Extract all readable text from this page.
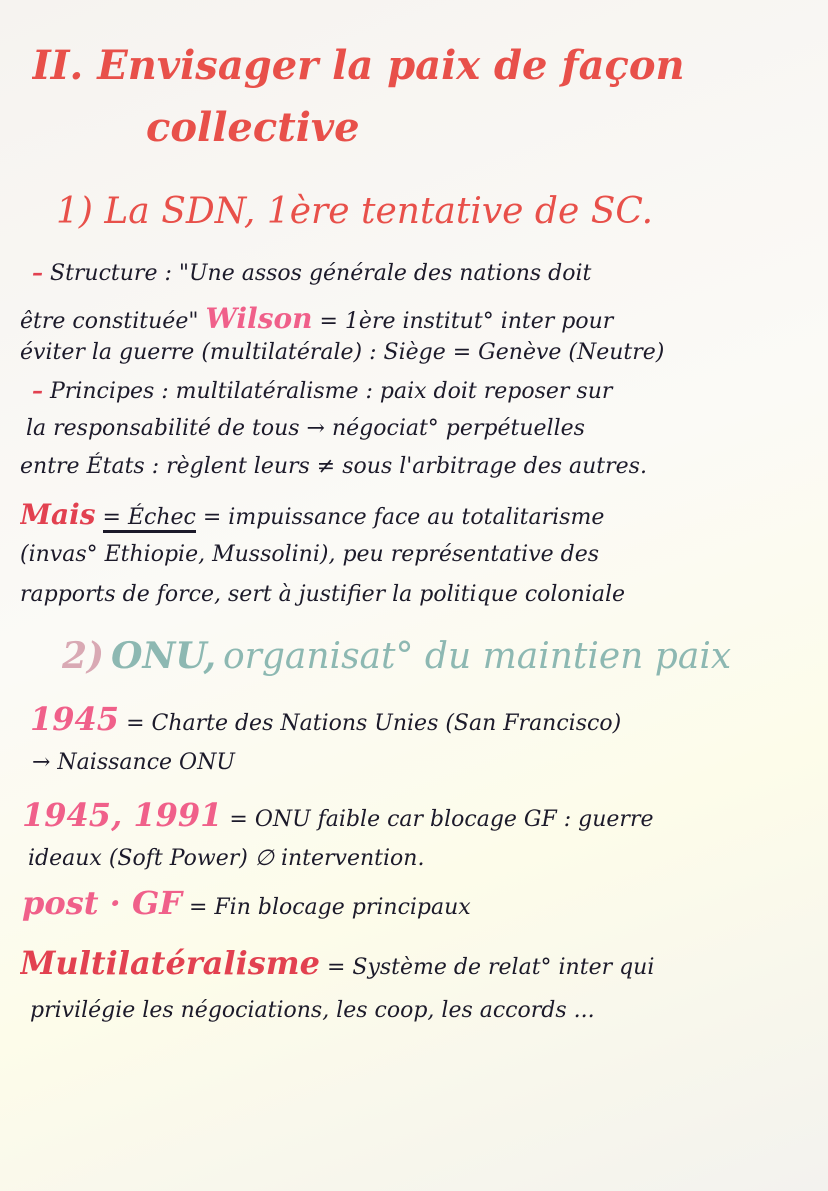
II. Envisager la paix de façon
collective
1) La SDN, 1ère tentative de SC.
– Structure : "Une assos générale des nations doit
être constituée" Wilson = 1ère institut° inter pour
éviter la guerre (multilatérale) : Siège = Genève (Neutre)
– Principes : multilatéralisme : paix doit reposer sur
la responsabilité de tous → négociat° perpétuelles
entre États : règlent leurs ≠ sous l'arbitrage des autres.
Mais = Échec = impuissance face au totalitarisme
(invas° Ethiopie, Mussolini), peu représentative des
rapports de force, sert à justifier la politique coloniale
2) ONU, organisat° du maintien paix
1945 = Charte des Nations Unies (San Francisco)
→ Naissance ONU
1945, 1991 = ONU faible car blocage GF : guerre
ideaux (Soft Power) ∅ intervention.
post · GF = Fin blocage principaux
Multilatéralisme = Système de relat° inter qui
privilégie les négociations, les coop, les accords ...
